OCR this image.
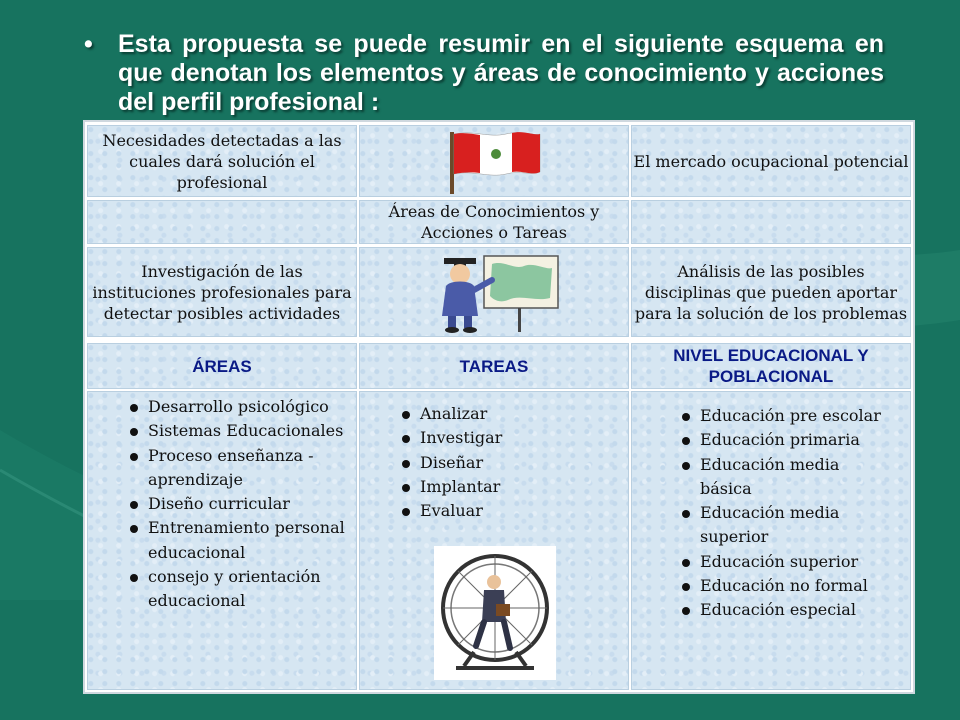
• Esta propuesta se puede resumir en el siguiente esquema en que denotan los elementos y áreas de conocimiento y acciones del perfil profesional :
Necesidades detectadas a las cuales dará solución el profesional
El mercado ocupacional potencial
Áreas de Conocimientos y Acciones o Tareas
Investigación de las instituciones profesionales para detectar posibles actividades
Análisis de las posibles disciplinas que pueden aportar para la solución de los problemas
ÁREAS	TAREAS
NIVEL EDUCACIONAL Y POBLACIONAL
Desarrollo psicológico
Sistemas Educacionales
Proceso enseñanza - aprendizaje
Diseño curricular
Entrenamiento personal educacional
consejo y orientación educacional
Analizar
Investigar
Diseñar
Implantar
Evaluar
Educación pre escolar
Educación primaria
Educación media básica
Educación media superior
Educación superior
Educación no formal
Educación especial
